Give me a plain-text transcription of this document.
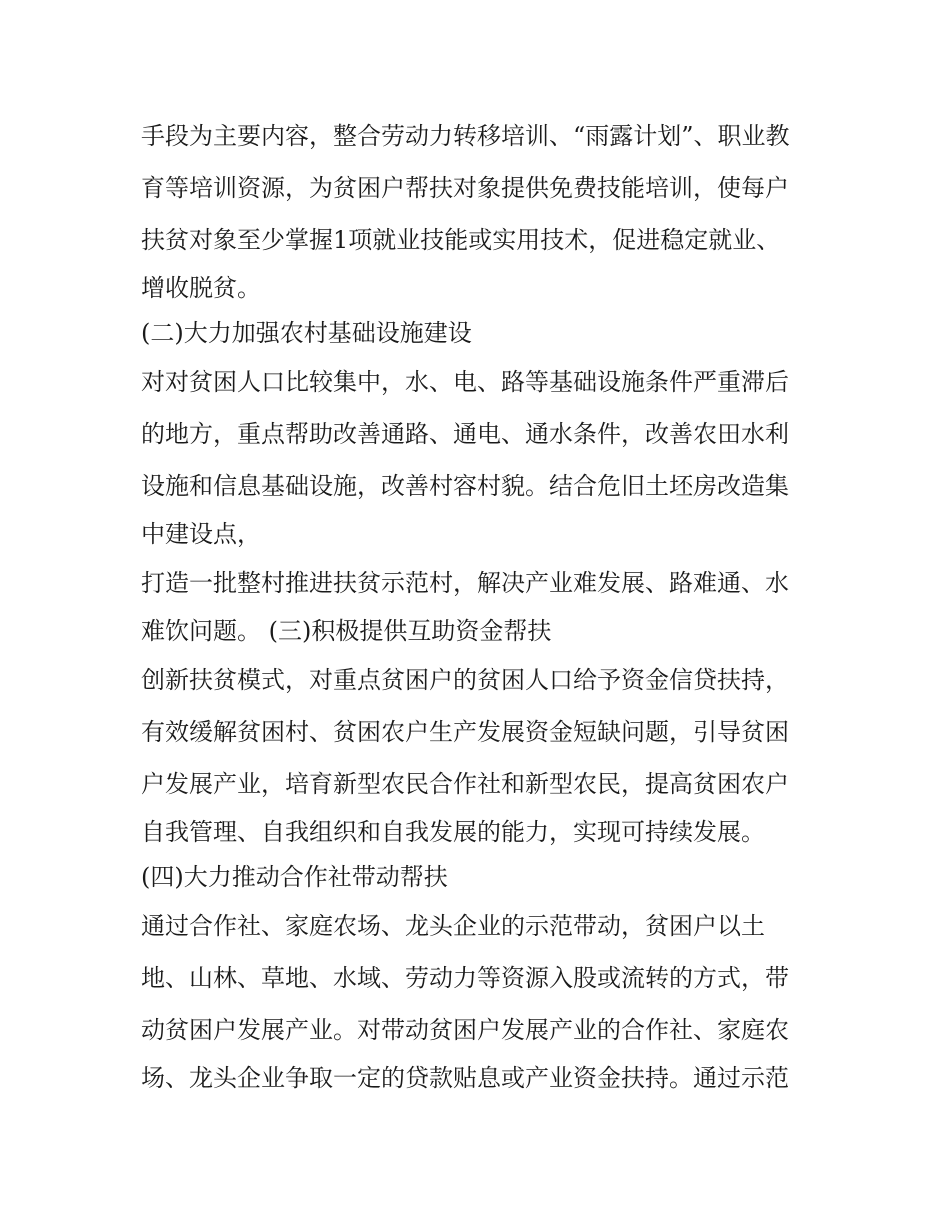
手段为主要内容，整合劳动力转移培训、“雨露计划”、职业教
育等培训资源，为贫困户帮扶对象提供免费技能培训，使每户
扶贫对象至少掌握1项就业技能或实用技术，促进稳定就业、
增收脱贫。
(二)大力加强农村基础设施建设
对对贫困人口比较集中，水、电、路等基础设施条件严重滞后
的地方，重点帮助改善通路、通电、通水条件，改善农田水利
设施和信息基础设施，改善村容村貌。结合危旧土坯房改造集
中建设点，
打造一批整村推进扶贫示范村，解决产业难发展、路难通、水
难饮问题。 (三)积极提供互助资金帮扶
创新扶贫模式，对重点贫困户的贫困人口给予资金信贷扶持，
有效缓解贫困村、贫困农户生产发展资金短缺问题，引导贫困
户发展产业，培育新型农民合作社和新型农民，提高贫困农户
自我管理、自我组织和自我发展的能力，实现可持续发展。
(四)大力推动合作社带动帮扶
通过合作社、家庭农场、龙头企业的示范带动，贫困户以土
地、山林、草地、水域、劳动力等资源入股或流转的方式，带
动贫困户发展产业。对带动贫困户发展产业的合作社、家庭农
场、龙头企业争取一定的贷款贴息或产业资金扶持。通过示范
